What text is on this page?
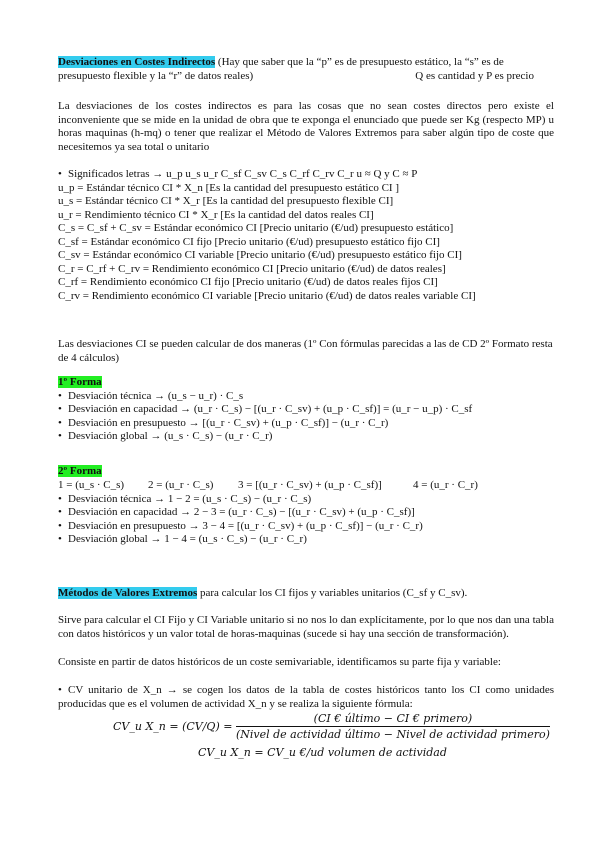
Desviaciones en Costes Indirectos (Hay que saber que la “p” es de presupuesto estático, la “s” es de
presupuesto flexible y la “r” de datos reales)	Q es cantidad y P es precio
La desviaciones de los costes indirectos es para las cosas que no sean costes directos pero existe el inconveniente que se mide en la unidad de obra que te exponga el enunciado que puede ser Kg (respecto MP) u horas maquinas (h-mq) o tener que realizar el Método de Valores Extremos para saber algún tipo de coste que necesitemos ya sea total o unitario
• Significados letras → u_p u_s u_r C_sf C_sv C_s C_rf C_rv C_r u ≈ Q y C ≈ P
u_p = Estándar técnico CI * X_n [Es la cantidad del presupuesto estático CI ]
u_s = Estándar técnico CI * X_r [Es la cantidad del presupuesto flexible CI]
u_r = Rendimiento técnico CI * X_r [Es la cantidad del datos reales CI]
C_s = C_sf + C_sv = Estándar económico CI [Precio unitario (€/ud) presupuesto estático]
C_sf = Estándar económico CI fijo [Precio unitario (€/ud) presupuesto estático fijo CI]
C_sv = Estándar económico CI variable [Precio unitario (€/ud) presupuesto estático fijo CI]
C_r = C_rf + C_rv = Rendimiento económico CI [Precio unitario (€/ud) de datos reales]
C_rf = Rendimiento económico CI fijo [Precio unitario (€/ud) de datos reales fijos CI]
C_rv = Rendimiento económico CI variable [Precio unitario (€/ud) de datos reales variable CI]
Las desviaciones CI se pueden calcular de dos maneras (1º Con fórmulas parecidas a las de CD 2º Formato resta de 4 cálculos)
1º Forma
• Desviación técnica → (u_s − u_r) · C_s
• Desviación en capacidad → (u_r · C_s) − [(u_r · C_sv) + (u_p · C_sf)] = (u_r − u_p) · C_sf
• Desviación en presupuesto → [(u_r · C_sv) + (u_p · C_sf)] − (u_r · C_r)
• Desviación global → (u_s · C_s) − (u_r · C_r)
2º Forma
1 = (u_s · C_s) 2 = (u_r · C_s) 3 = [(u_r · C_sv) + (u_p · C_sf)]	4 = (u_r · C_r)
• Desviación técnica → 1 − 2 = (u_s · C_s) − (u_r · C_s)
• Desviación en capacidad → 2 − 3 = (u_r · C_s) − [(u_r · C_sv) + (u_p · C_sf)]
• Desviación en presupuesto → 3 − 4 = [(u_r · C_sv) + (u_p · C_sf)] − (u_r · C_r)
• Desviación global → 1 − 4 = (u_s · C_s) − (u_r · C_r)
Métodos de Valores Extremos para calcular los CI fijos y variables unitarios (C_sf y C_sv).
Sirve para calcular el CI Fijo y CI Variable unitario si no nos lo dan explícitamente, por lo que nos dan una tabla con datos históricos y un valor total de horas-maquinas (sucede si hay una sección de transformación).
Consiste en partir de datos históricos de un coste semivariable, identificamos su parte fija y variable:
• CV unitario de X_n → se cogen los datos de la tabla de costes históricos tanto los CI como unidades producidas que es el volumen de actividad X_n y se realiza la siguiente fórmula:
CV_u X_n = $(CV/Q) = \frac{\text{(CI € último − CI € primero)}}{\text{(Nivel de actividad último − Nivel de actividad primero)}}$
CV_u X_n = CV_u €/ud volumen de actividad
